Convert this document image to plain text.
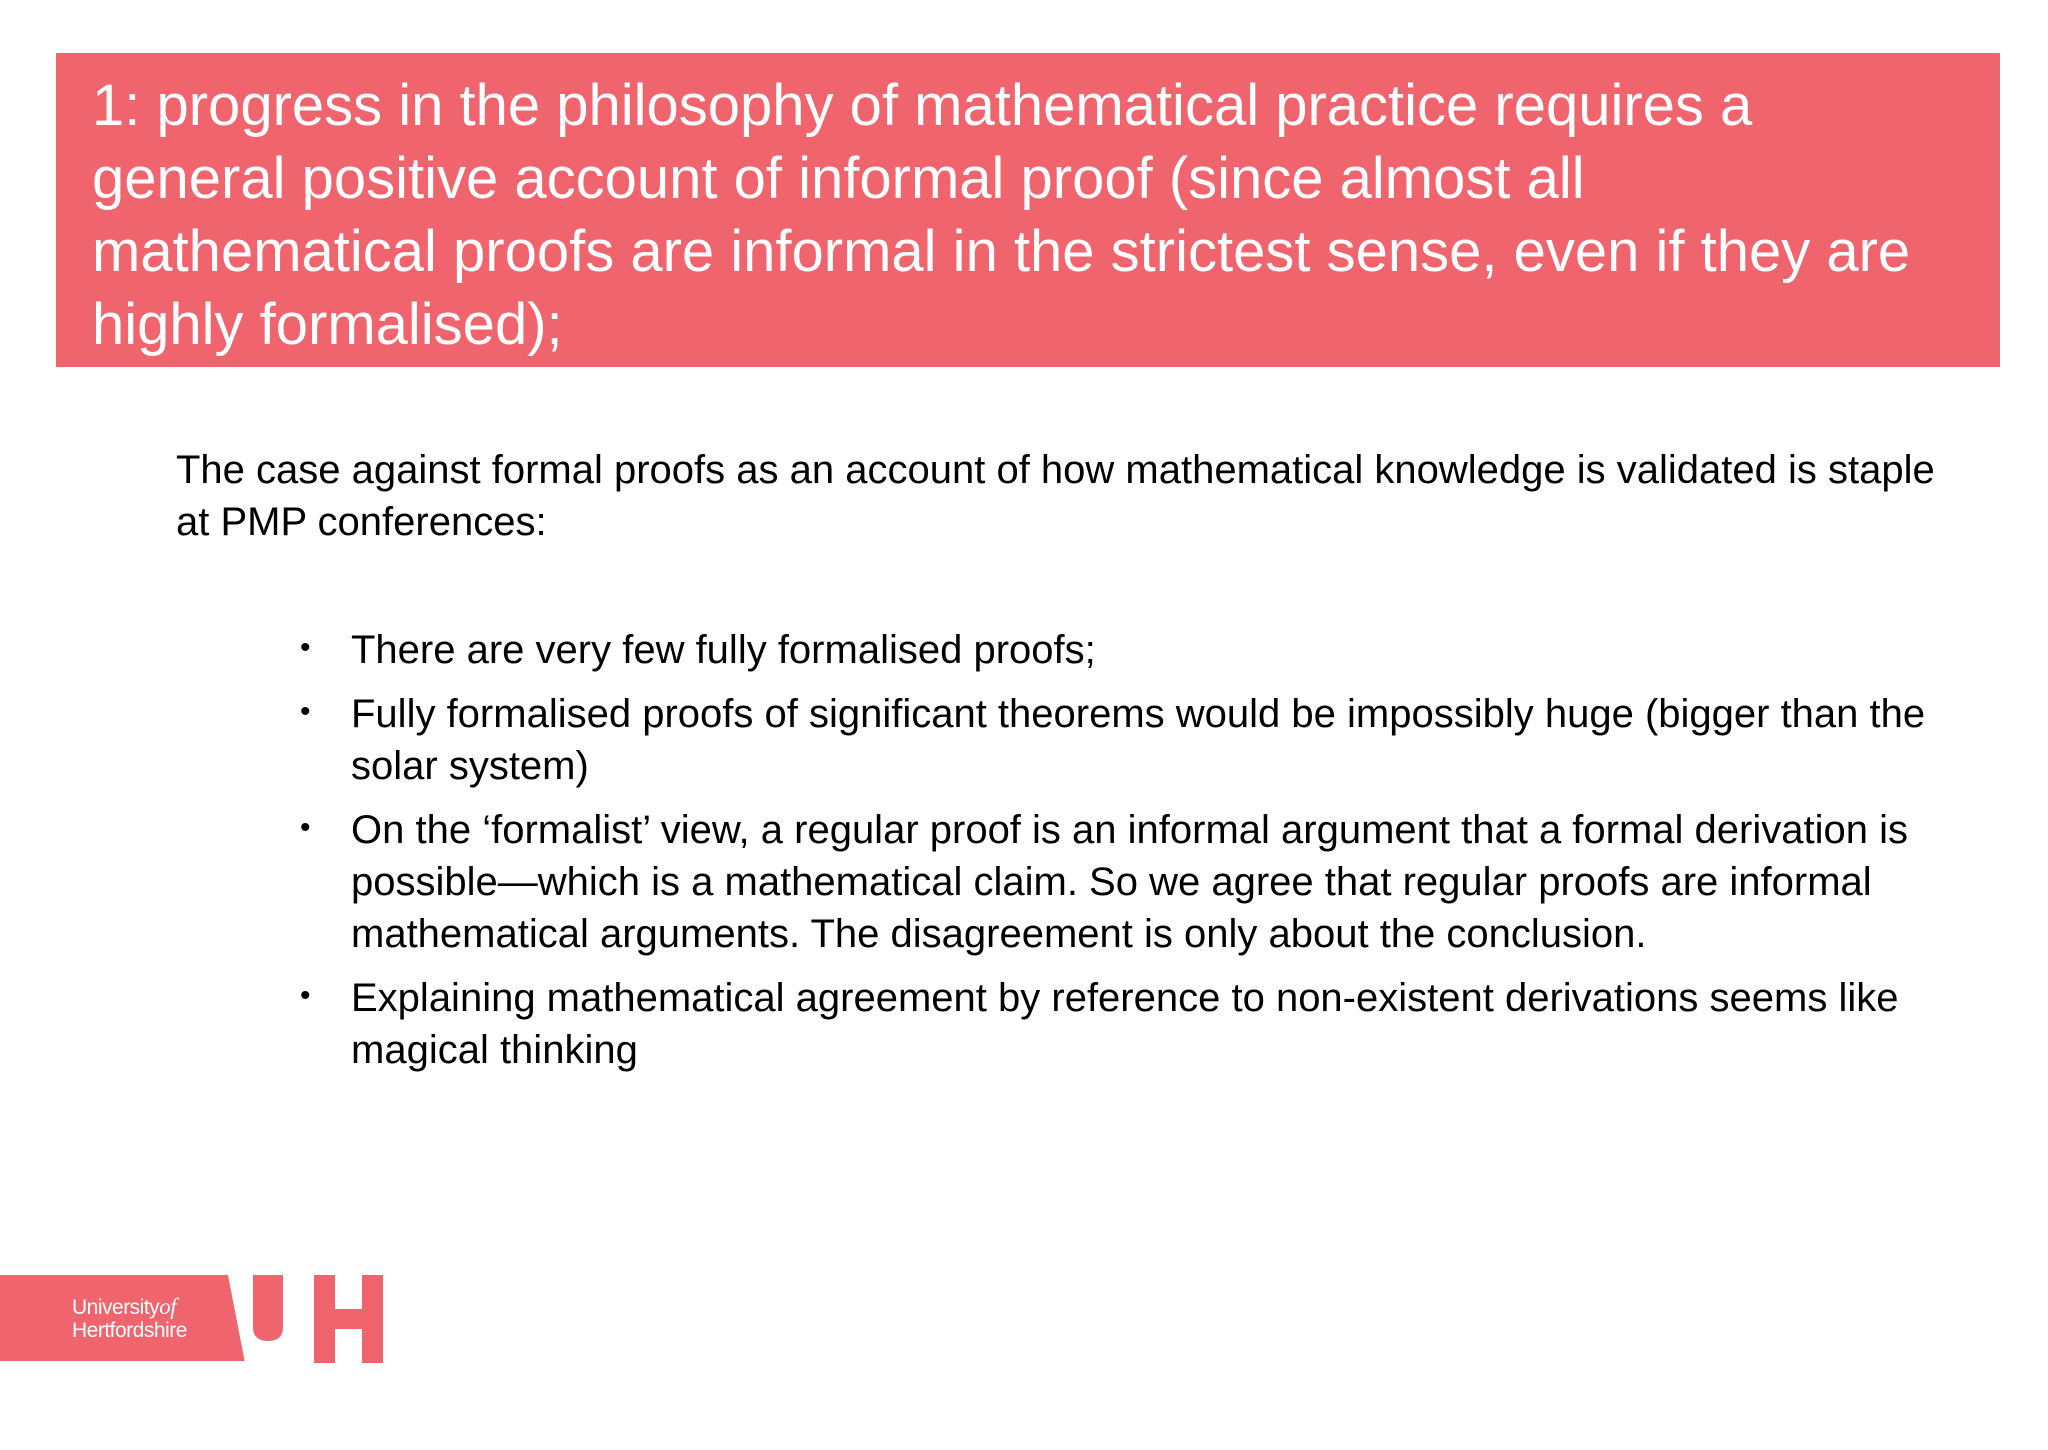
1: progress in the philosophy of mathematical practice requires a general positive account of informal proof (since almost all mathematical proofs are informal in the strictest sense, even if they are highly formalised);

The case against formal proofs as an account of how mathematical knowledge is validated is staple at PMP conferences:

• There are very few fully formalised proofs;
• Fully formalised proofs of significant theorems would be impossibly huge (bigger than the solar system)
• On the ‘formalist’ view, a regular proof is an informal argument that a formal derivation is possible—which is a mathematical claim. So we agree that regular proofs are informal mathematical arguments. The disagreement is only about the conclusion.
• Explaining mathematical agreement by reference to non-existent derivations seems like magical thinking
Universityof
Hertfordshire
